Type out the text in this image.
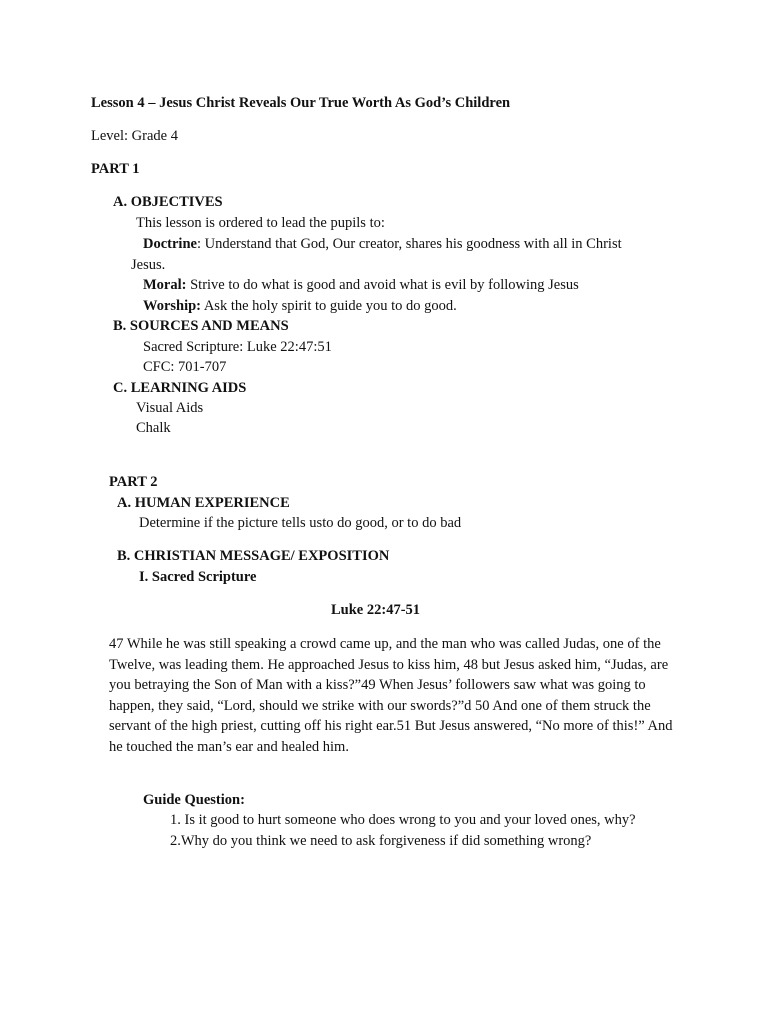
Lesson 4 – Jesus Christ Reveals Our True Worth As God’s Children
Level: Grade 4
PART 1
A. OBJECTIVES
This lesson is ordered to lead the pupils to:
Doctrine: Understand that God, Our creator, shares his goodness with all in Christ
Jesus.
Moral: Strive to do what is good and avoid what is evil by following Jesus
Worship: Ask the holy spirit to guide you to do good.
B. SOURCES AND MEANS
Sacred Scripture: Luke 22:47:51
CFC: 701-707
C. LEARNING AIDS
Visual Aids
Chalk
PART 2
A. HUMAN EXPERIENCE
Determine if the picture tells usto do good, or to do bad
B. CHRISTIAN MESSAGE/ EXPOSITION
I. Sacred Scripture
Luke 22:47-51
47 While he was still speaking a crowd came up, and the man who was called Judas, one of the Twelve, was leading them. He approached Jesus to kiss him, 48 but Jesus asked him, “Judas, are you betraying the Son of Man with a kiss?”49 When Jesus’ followers saw what was going to happen, they said, “Lord, should we strike with our swords?”d 50 And one of them struck the servant of the high priest, cutting off his right ear.51 But Jesus answered, “No more of this!” And he touched the man’s ear and healed him.
Guide Question:
1. Is it good to hurt someone who does wrong to you and your loved ones, why?
2.Why do you think we need to ask forgiveness if did something wrong?
